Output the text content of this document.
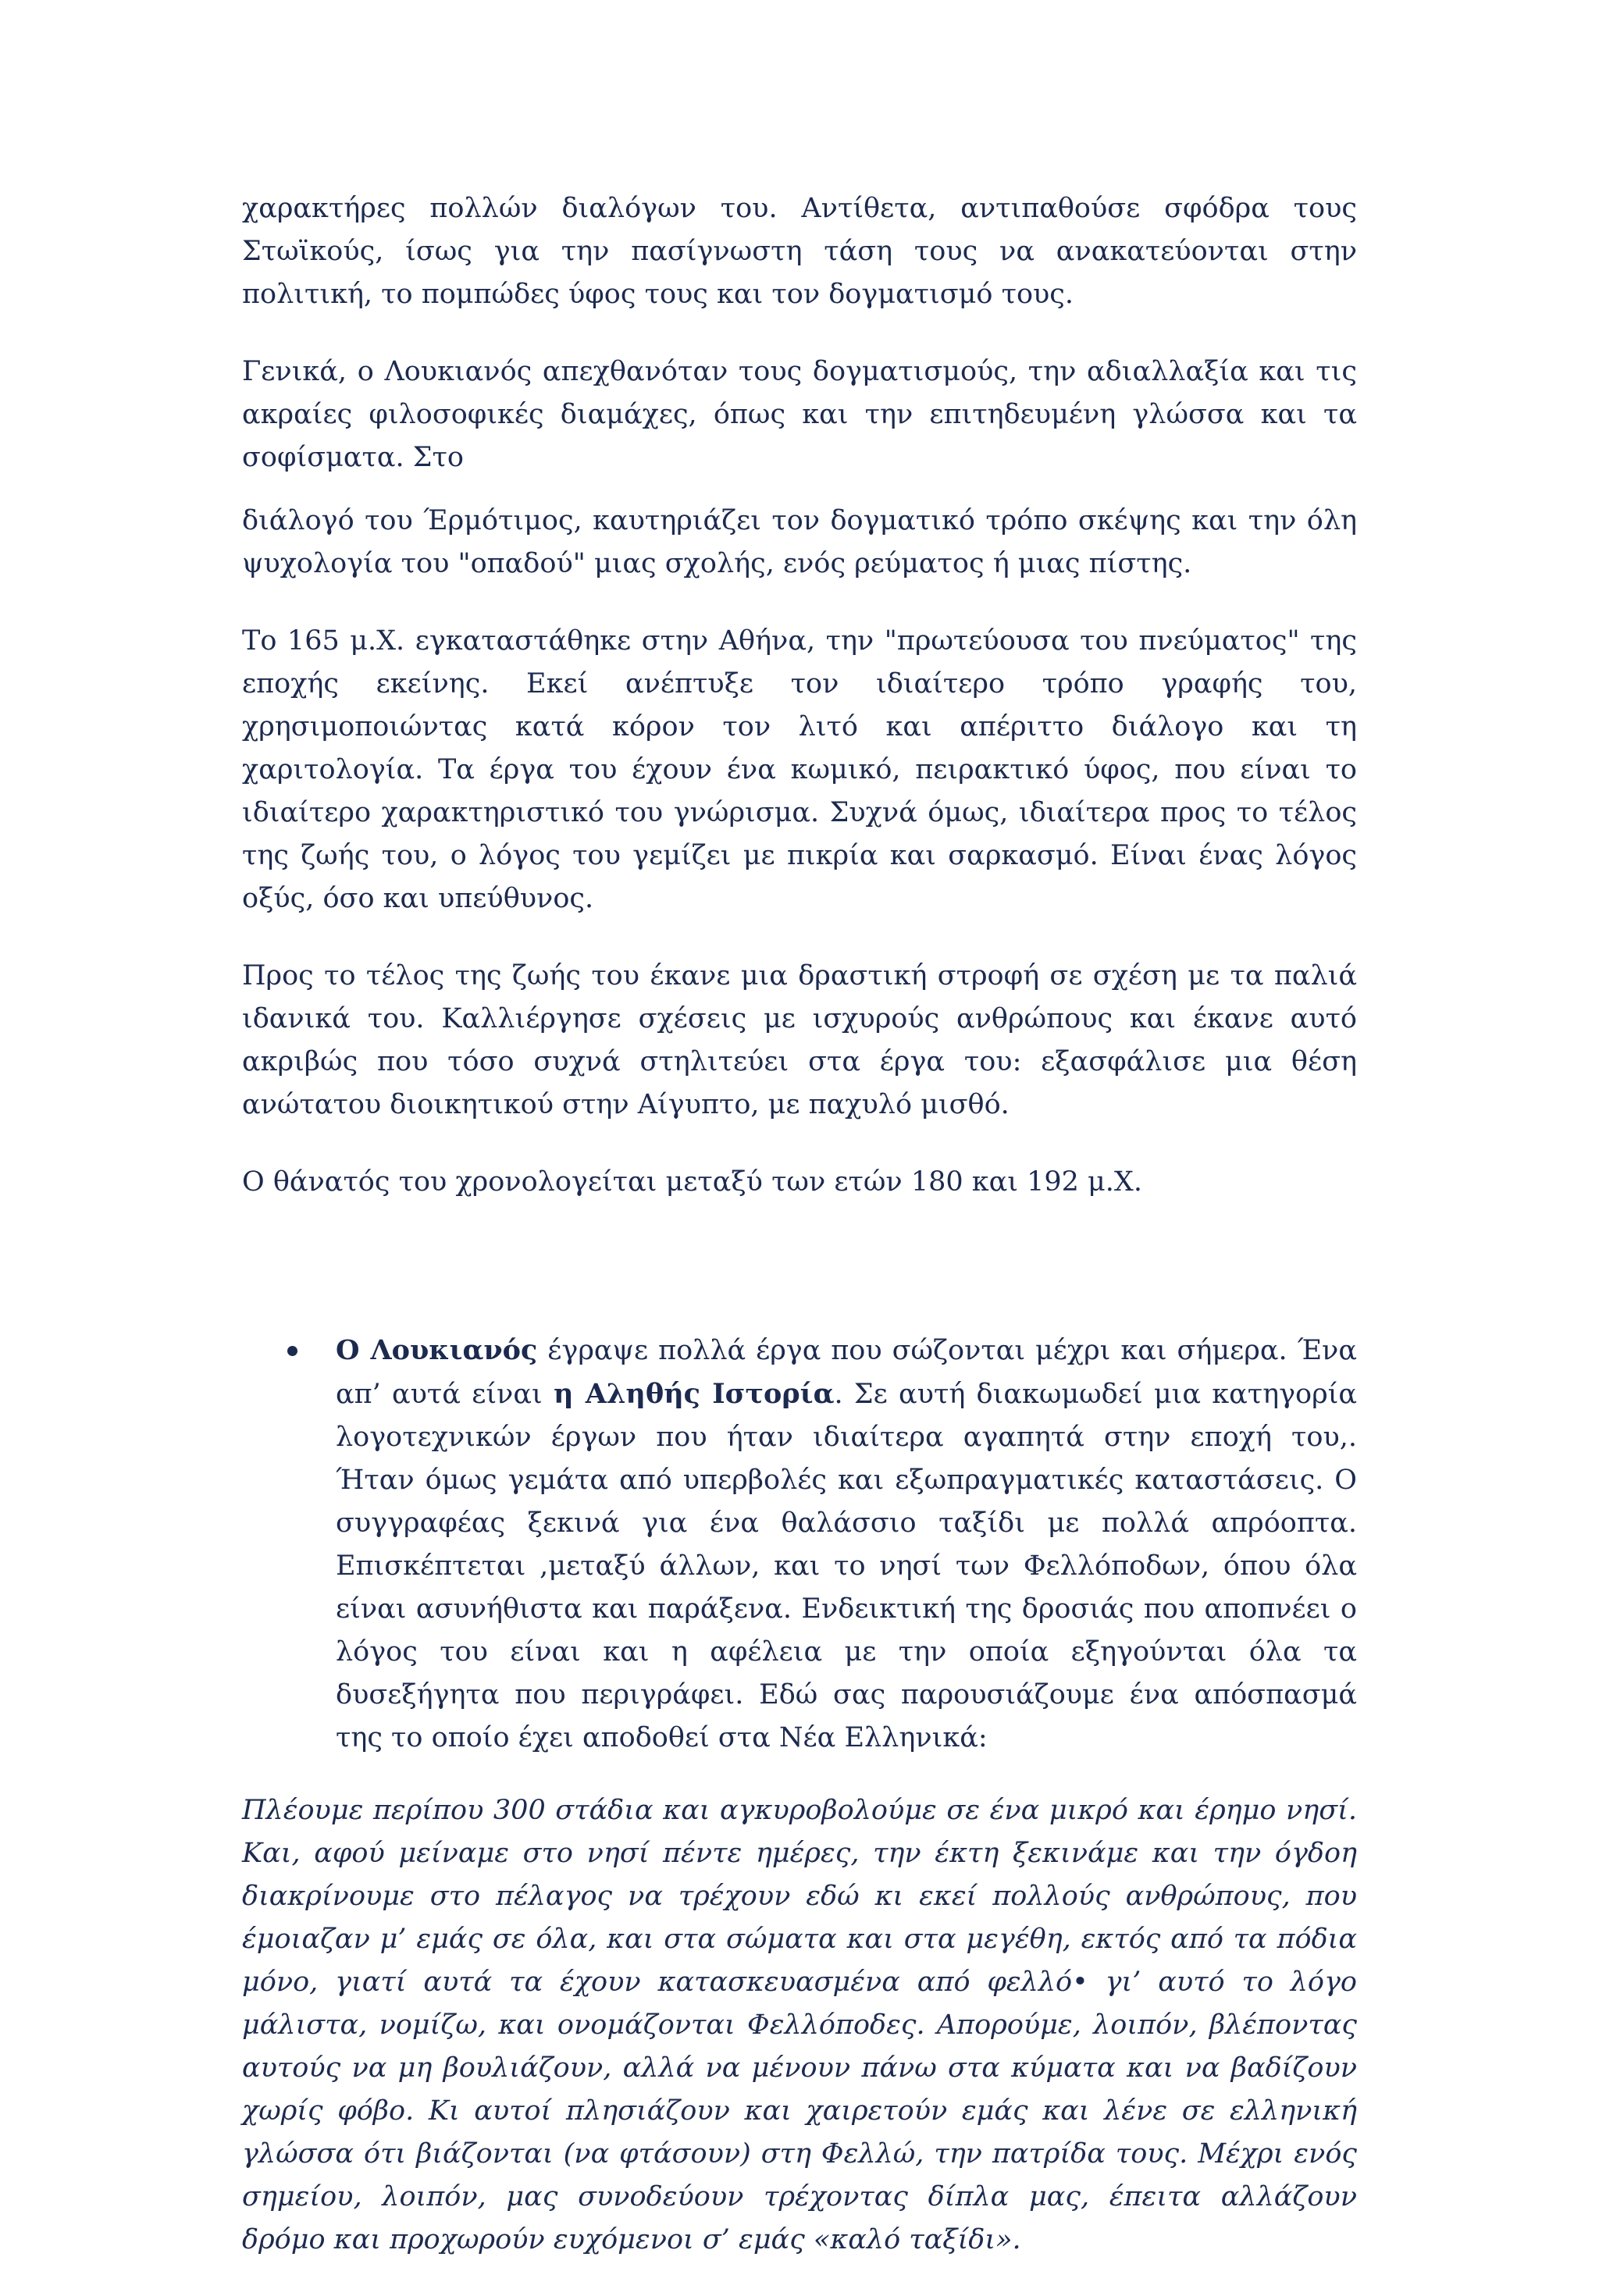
χαρακτήρες πολλών διαλόγων του. Αντίθετα, αντιπαθούσε σφόδρα τους Στωϊκούς, ίσως για την πασίγνωστη τάση τους να ανακατεύονται στην πολιτική, το πομπώδες ύφος τους και τον δογματισμό τους.

Γενικά, ο Λουκιανός απεχθανόταν τους δογματισμούς, την αδιαλλαξία και τις ακραίες φιλοσοφικές διαμάχες, όπως και την επιτηδευμένη γλώσσα και τα σοφίσματα. Στο

διάλογό του Έρμότιμος, καυτηριάζει τον δογματικό τρόπο σκέψης και την όλη ψυχολογία του "οπαδού" μιας σχολής, ενός ρεύματος ή μιας πίστης.

Το 165 μ.Χ. εγκαταστάθηκε στην Αθήνα, την "πρωτεύουσα του πνεύματος" της εποχής εκείνης. Εκεί ανέπτυξε τον ιδιαίτερο τρόπο γραφής του, χρησιμοποιώντας κατά κόρον τον λιτό και απέριττο διάλογο και τη χαριτολογία. Τα έργα του έχουν ένα κωμικό, πειρακτικό ύφος, που είναι το ιδιαίτερο χαρακτηριστικό του γνώρισμα. Συχνά όμως, ιδιαίτερα προς το τέλος της ζωής του, ο λόγος του γεμίζει με πικρία και σαρκασμό. Είναι ένας λόγος οξύς, όσο και υπεύθυνος.

Προς το τέλος της ζωής του έκανε μια δραστική στροφή σε σχέση με τα παλιά ιδανικά του. Καλλιέργησε σχέσεις με ισχυρούς ανθρώπους και έκανε αυτό ακριβώς που τόσο συχνά στηλιτεύει στα έργα του: εξασφάλισε μια θέση ανώτατου διοικητικού στην Αίγυπτο, με παχυλό μισθό.

Ο θάνατός του χρονολογείται μεταξύ των ετών 180 και 192 μ.Χ.

Ο Λουκιανός έγραψε πολλά έργα που σώζονται μέχρι και σήμερα. Ένα απ’ αυτά είναι η Αληθής Ιστορία. Σε αυτή διακωμωδεί μια κατηγορία λογοτεχνικών έργων που ήταν ιδιαίτερα αγαπητά στην εποχή του,. Ήταν όμως γεμάτα από υπερβολές και εξωπραγματικές καταστάσεις. Ο συγγραφέας ξεκινά για ένα θαλάσσιο ταξίδι με πολλά απρόοπτα. Επισκέπτεται ,μεταξύ άλλων, και το νησί των Φελλόποδων, όπου όλα είναι ασυνήθιστα και παράξενα. Ενδεικτική της δροσιάς που αποπνέει ο λόγος του είναι και η αφέλεια με την οποία εξηγούνται όλα τα δυσεξήγητα που περιγράφει. Εδώ σας παρουσιάζουμε ένα απόσπασμά της το οποίο έχει αποδοθεί στα Νέα Ελληνικά:

Πλέουμε περίπου 300 στάδια και αγκυροβολούμε σε ένα μικρό και έρημο νησί. Και, αφού μείναμε στο νησί πέντε ημέρες, την έκτη ξεκινάμε και την όγδοη διακρίνουμε στο πέλαγος να τρέχουν εδώ κι εκεί πολλούς ανθρώπους, που έμοιαζαν μ’ εμάς σε όλα, και στα σώματα και στα μεγέθη, εκτός από τα πόδια μόνο, γιατί αυτά τα έχουν κατασκευασμένα από φελλό• γι’ αυτό το λόγο μάλιστα, νομίζω, και ονομάζονται Φελλόποδες. Απορούμε, λοιπόν, βλέποντας αυτούς να μη βουλιάζουν, αλλά να μένουν πάνω στα κύματα και να βαδίζουν χωρίς φόβο. Κι αυτοί πλησιάζουν και χαιρετούν εμάς και λένε σε ελληνική γλώσσα ότι βιάζονται (να φτάσουν) στη Φελλώ, την πατρίδα τους. Μέχρι ενός σημείου, λοιπόν, μας συνοδεύουν τρέχοντας δίπλα μας, έπειτα αλλάζουν δρόμο και προχωρούν ευχόμενοι σ’ εμάς «καλό ταξίδι».
